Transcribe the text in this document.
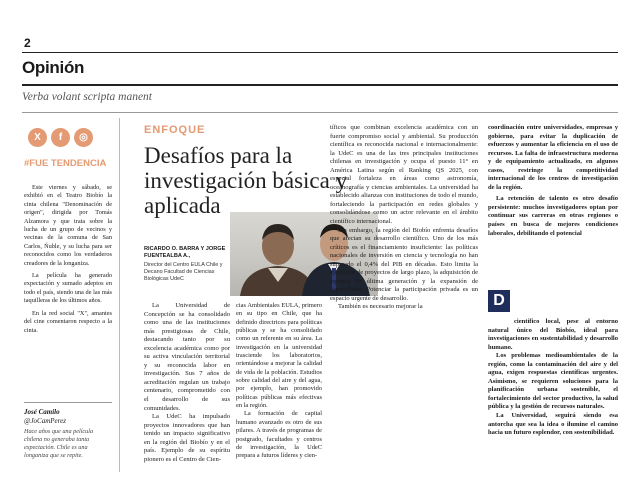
2
Opinión
Verba volant scripta manent
X	f	◎
#FUE TENDENCIA

Este viernes y sábado, se exhibió en el Teatro Biobío la cinta chilena "Denominación de origen", dirigida por Tomás Alzamora y que trata sobre la lucha de un grupo de vecinos y vecinas de la comuna de San Carlos, Ñuble, y su lucha para ser reconocidos como los verdaderos creadores de la longaniza.

La película ha generado expectación y sumado adeptos en todo el país, siendo una de las más taquilleras de los últimos años.

En la red social "X", amantes del cine comentaron respecto a la cinta.

José Camilo
@JoCamPerez
Hace años que una película chilena no generaba tanta expectación. Chile es una longaniza que se repite.
ENFOQUE
Desafíos para la investigación básica y aplicada
RICARDO O. BARRA Y JORGE FUENTEALBA A.,
Director del Centro EULA Chile y Decano Facultad de Ciencias Biológicas UdeC

La Universidad de Concepción se ha consolidado como una de las instituciones más prestigiosas de Chile, destacando tanto por su excelencia académica como por su activa vinculación territorial y su reconocida labor en investigación. Sus 7 años de acreditación regulan un trabajo centenario, comprometido con el desarrollo de sus comunidades.

La UdeC ha impulsado proyectos innovadores que han tenido un impacto significativo en la región del Biobío y en el país. Ejemplo de su espíritu pionero es el Centro de Cien-

cias Ambientales EULA, primero en su tipo en Chile, que ha definido directrices para políticas públicas y se ha consolidado como un referente en su área. La investigación en la universidad trasciende los laboratorios, orientándose a mejorar la calidad de vida de la población. Estudios sobre calidad del aire y del agua, por ejemplo, han promovido políticas públicas más efectivas en la región.

La formación de capital humano avanzado es otro de sus pilares. A través de programas de postgrado, facultades y centros de investigación, la UdeC prepara a futuros líderes y cien-

tíficos que combinan excelencia académica con un fuerte compromiso social y ambiental. Su producción científica es reconocida nacional e internacionalmente: la UdeC es una de las tres principales instituciones chilenas en investigación y ocupa el puesto 11° en América Latina según el Ranking QS 2025, con especial fortaleza en áreas como astronomía, oceanografía y ciencias ambientales. La universidad ha establecido alianzas con instituciones de todo el mundo, fortaleciendo la participación en redes globales y consolidándose como un actor relevante en el ámbito científico internacional.

Sin embargo, la región del Biobío enfrenta desafíos que afectan su desarrollo científico. Uno de los más críticos es el financiamiento insuficiente: las políticas nacionales de inversión en ciencia y tecnología no han superado el 0,4% del PIB en décadas. Esto limita la ejecución de proyectos de largo plazo, la adquisición de equipos de última generación y la expansión de capacidades. Potenciar la participación privada es un espacio urgente de desarrollo.

También es necesario mejorar la

coordinación entre universidades, empresas y gobierno, para evitar la duplicación de esfuerzos y aumentar la eficiencia en el uso de recursos. La falta de infraestructura moderna y de equipamiento actualizado, en algunos casos, restringe la competitividad internacional de los centros de investigación de la región.

La retención de talento es otro desafío persistente: muchos investigadores optan por continuar sus carreras en otras regiones o países en busca de mejores condiciones laborales, debilitando el potencial

D

científico local, pese al entorno natural único del Biobío, ideal para investigaciones en sustentabilidad y desarrollo humano.

Los problemas medioambientales de la región, como la contaminación del aire y del agua, exigen respuestas científicas urgentes. Asimismo, se requieren soluciones para la planificación urbana sostenible, el fortalecimiento del sector productivo, la salud pública y la gestión de recursos naturales.

La Universidad, seguirá siendo esa antorcha que sea la idea o ilumine el camino hacia un futuro esplendor, con sostenibilidad.
